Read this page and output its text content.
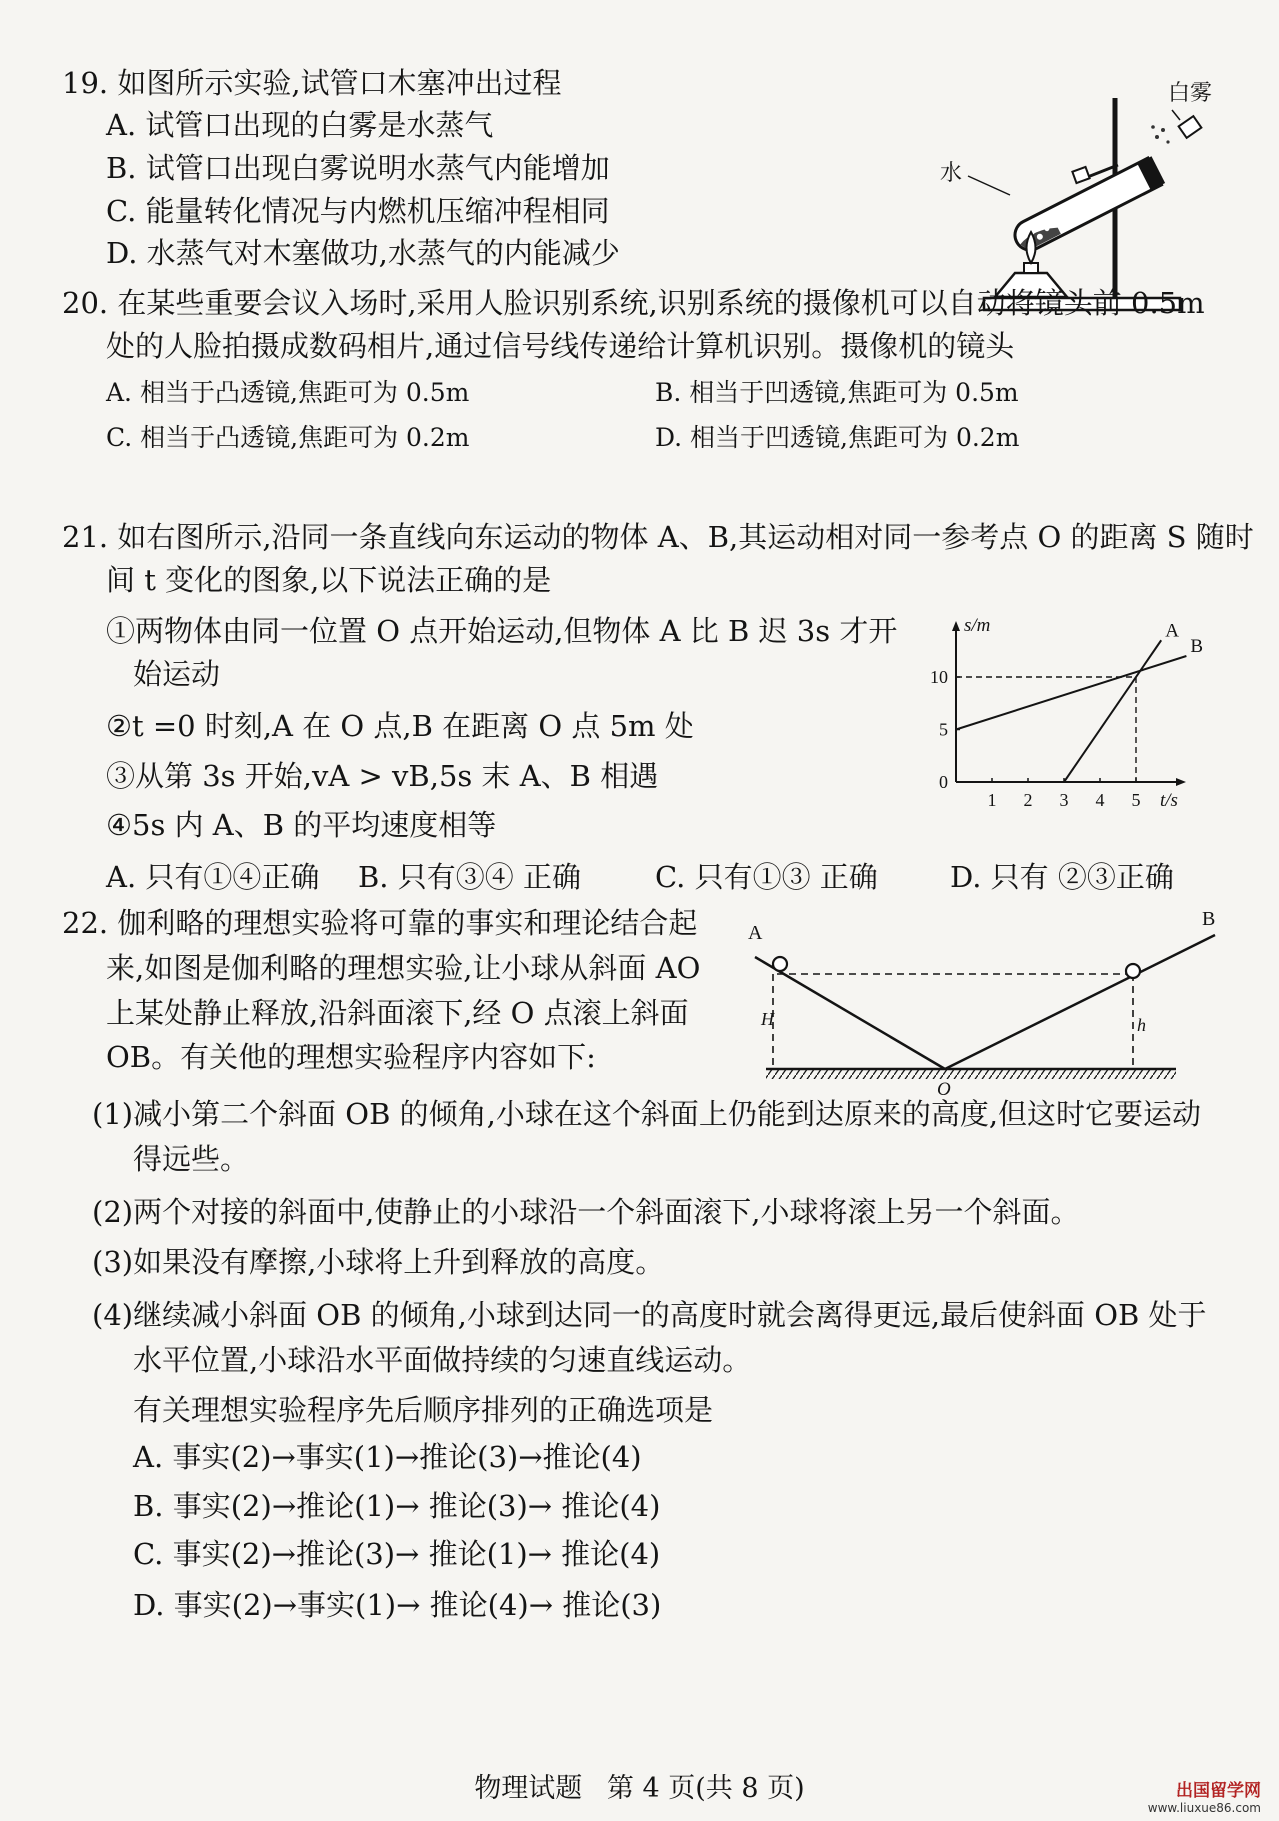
19. 如图所示实验,试管口木塞冲出过程
A. 试管口出现的白雾是水蒸气
B. 试管口出现白雾说明水蒸气内能增加
C. 能量转化情况与内燃机压缩冲程相同
D. 水蒸气对木塞做功,水蒸气的内能减少
白雾
水
20. 在某些重要会议入场时,采用人脸识别系统,识别系统的摄像机可以自动将镜头前 0.5m
处的人脸拍摄成数码相片,通过信号线传递给计算机识别。摄像机的镜头
A. 相当于凸透镜,焦距可为 0.5m	B. 相当于凹透镜,焦距可为 0.5m
C. 相当于凸透镜,焦距可为 0.2m	D. 相当于凹透镜,焦距可为 0.2m
21. 如右图所示,沿同一条直线向东运动的物体 A、B,其运动相对同一参考点 O 的距离 S 随时
间 t 变化的图象,以下说法正确的是
①两物体由同一位置 O 点开始运动,但物体 A 比 B 迟 3s 才开
始运动
②t =0 时刻,A 在 O 点,B 在距离 O 点 5m 处
③从第 3s 开始,vA > vB,5s 末 A、B 相遇
④5s 内 A、B 的平均速度相等
A. 只有①④正确 B. 只有③④ 正确	C. 只有①③ 正确 D. 只有 ②③正确
1 2 3 4 5
0
5
10
A
B
s/m
t/s
22. 伽利略的理想实验将可靠的事实和理论结合起
来,如图是伽利略的理想实验,让小球从斜面 AO
上某处静止释放,沿斜面滚下,经 O 点滚上斜面
OB。有关他的理想实验程序内容如下:
A
B
O
H	h
(1)减小第二个斜面 OB 的倾角,小球在这个斜面上仍能到达原来的高度,但这时它要运动
得远些。
(2)两个对接的斜面中,使静止的小球沿一个斜面滚下,小球将滚上另一个斜面。
(3)如果没有摩擦,小球将上升到释放的高度。
(4)继续减小斜面 OB 的倾角,小球到达同一的高度时就会离得更远,最后使斜面 OB 处于
水平位置,小球沿水平面做持续的匀速直线运动。
有关理想实验程序先后顺序排列的正确选项是
A. 事实(2)→事实(1)→推论(3)→推论(4)
B. 事实(2)→推论(1)→ 推论(3)→ 推论(4)
C. 事实(2)→推论(3)→ 推论(1)→ 推论(4)
D. 事实(2)→事实(1)→ 推论(4)→ 推论(3)
物理试题 第 4 页(共 8 页)	出国留学网
www.liuxue86.com
